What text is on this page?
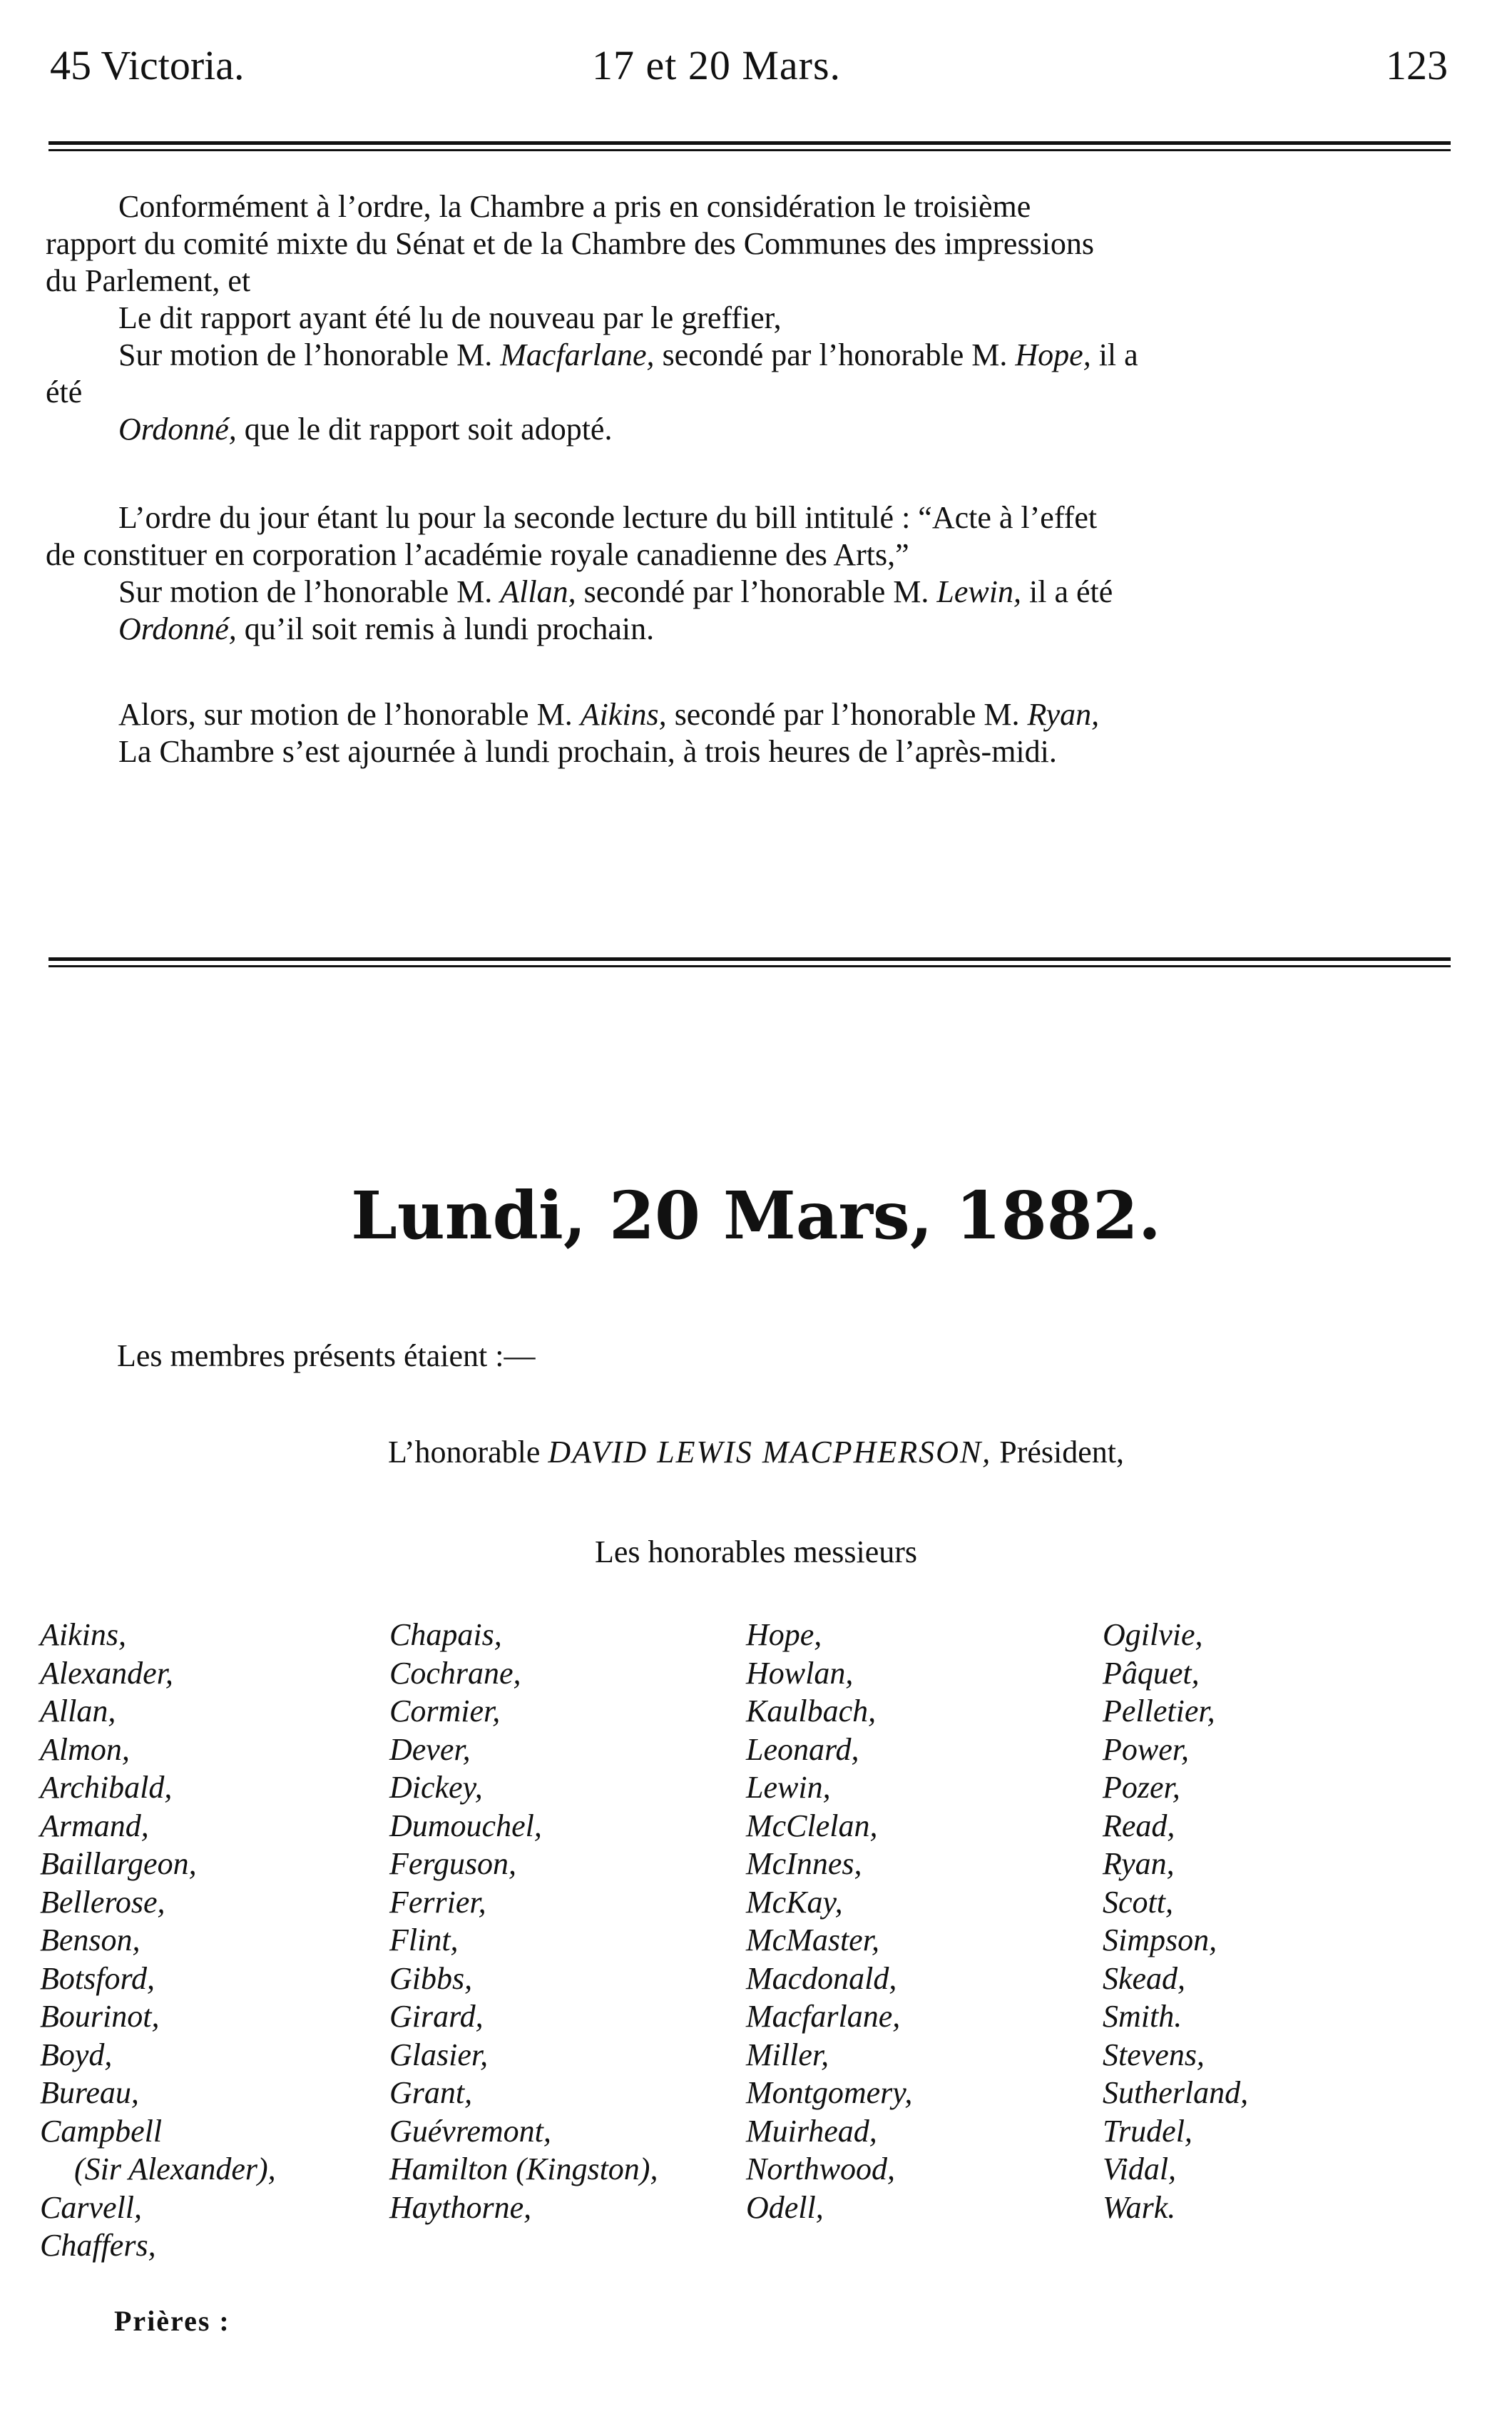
45 Victoria.	17 et 20 Mars.	123
Conformément à l’ordre, la Chambre a pris en considération le troisième
rapport du comité mixte du Sénat et de la Chambre des Communes des impressions
du Parlement, et
Le dit rapport ayant été lu de nouveau par le greffier,
Sur motion de l’honorable M. Macfarlane, secondé par l’honorable M. Hope, il a
été
Ordonné, que le dit rapport soit adopté.
L’ordre du jour étant lu pour la seconde lecture du bill intitulé : “Acte à l’effet
de constituer en corporation l’académie royale canadienne des Arts,”
Sur motion de l’honorable M. Allan, secondé par l’honorable M. Lewin, il a été
Ordonné, qu’il soit remis à lundi prochain.
Alors, sur motion de l’honorable M. Aikins, secondé par l’honorable M. Ryan,
La Chambre s’est ajournée à lundi prochain, à trois heures de l’après-midi.
Lundi, 20 Mars, 1882.
Les membres présents étaient :—
L’honorable DAVID LEWIS MACPHERSON, Président,
Les honorables messieurs
Aikins,
Alexander,
Allan,
Almon,
Archibald,
Armand,
Baillargeon,
Bellerose,
Benson,
Botsford,
Bourinot,
Boyd,
Bureau,
Campbell
(Sir Alexander),
Carvell,
Chaffers,
Chapais,
Cochrane,
Cormier,
Dever,
Dickey,
Dumouchel,
Ferguson,
Ferrier,
Flint,
Gibbs,
Girard,
Glasier,
Grant,
Guévremont,
Hamilton (Kingston),
Haythorne,
Hope,
Howlan,
Kaulbach,
Leonard,
Lewin,
McClelan,
McInnes,
McKay,
McMaster,
Macdonald,
Macfarlane,
Miller,
Montgomery,
Muirhead,
Northwood,
Odell,
Ogilvie,
Pâquet,
Pelletier,
Power,
Pozer,
Read,
Ryan,
Scott,
Simpson,
Skead,
Smith.
Stevens,
Sutherland,
Trudel,
Vidal,
Wark.
Prières :
